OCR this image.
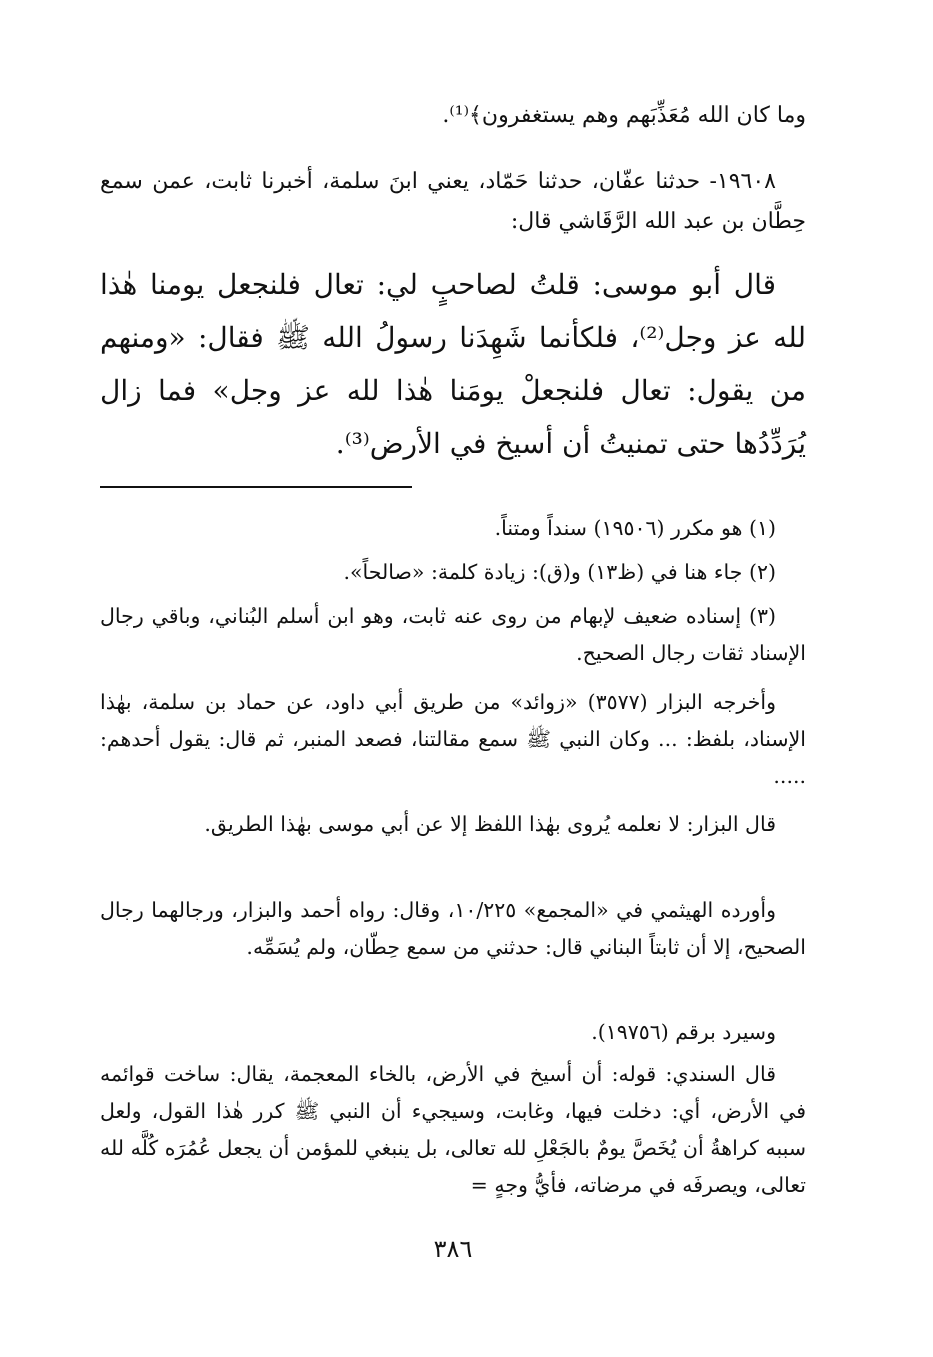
وما كان الله مُعَذِّبَهم وهم يستغفرون﴾⁽¹⁾.

١٩٦٠٨- حدثنا عفّان، حدثنا حَمّاد، يعني ابنَ سلمة، أخبرنا ثابت، عمن سمع حِطَّان بن عبد الله الرَّقَاشي قال:

قال أبو موسى: قلتُ لصاحبٍ لي: تعال فلنجعل يومنا هٰذا لله عز وجل⁽²⁾، فلكأنما شَهِدَنا رسولُ الله ﷺ فقال: «ومنهم من يقول: تعال فلنجعلْ يومَنا هٰذا لله عز وجل» فما زال يُرَدِّدُها حتى تمنيتُ أن أسيخ في الأرض⁽³⁾.

(١) هو مكرر (١٩٥٠٦) سنداً ومتناً.

(٢) جاء هنا في (ظ١٣) و(ق): زيادة كلمة: «صالحاً».

(٣) إسناده ضعيف لإبهام من روى عنه ثابت، وهو ابن أسلم البُناني، وباقي رجال الإسناد ثقات رجال الصحيح.

وأخرجه البزار (٣٥٧٧) «زوائد» من طريق أبي داود، عن حماد بن سلمة، بهٰذا الإسناد، بلفظ: ... وكان النبي ﷺ سمع مقالتنا، فصعد المنبر، ثم قال: يقول أحدهم: .....

قال البزار: لا نعلمه يُروى بهٰذا اللفظ إلا عن أبي موسى بهٰذا الطريق.

وأورده الهيثمي في «المجمع» ١٠/٢٢٥، وقال: رواه أحمد والبزار، ورجالهما رجال الصحيح، إلا أن ثابتاً البناني قال: حدثني من سمع حِطّان، ولم يُسَمِّه.

وسيرد برقم (١٩٧٥٦).

قال السندي: قوله: أن أسيخ في الأرض، بالخاء المعجمة، يقال: ساخت قوائمه في الأرض، أي: دخلت فيها، وغابت، وسيجيء أن النبي ﷺ كرر هٰذا القول، ولعل سببه كراهةُ أن يُخَصَّ يومٌ بالجَعْلِ لله تعالى، بل ينبغي للمؤمن أن يجعل عُمُرَه كُلَّه لله تعالى، ويصرفَه في مرضاته، فأيُّ وجهٍ =

٣٨٦
